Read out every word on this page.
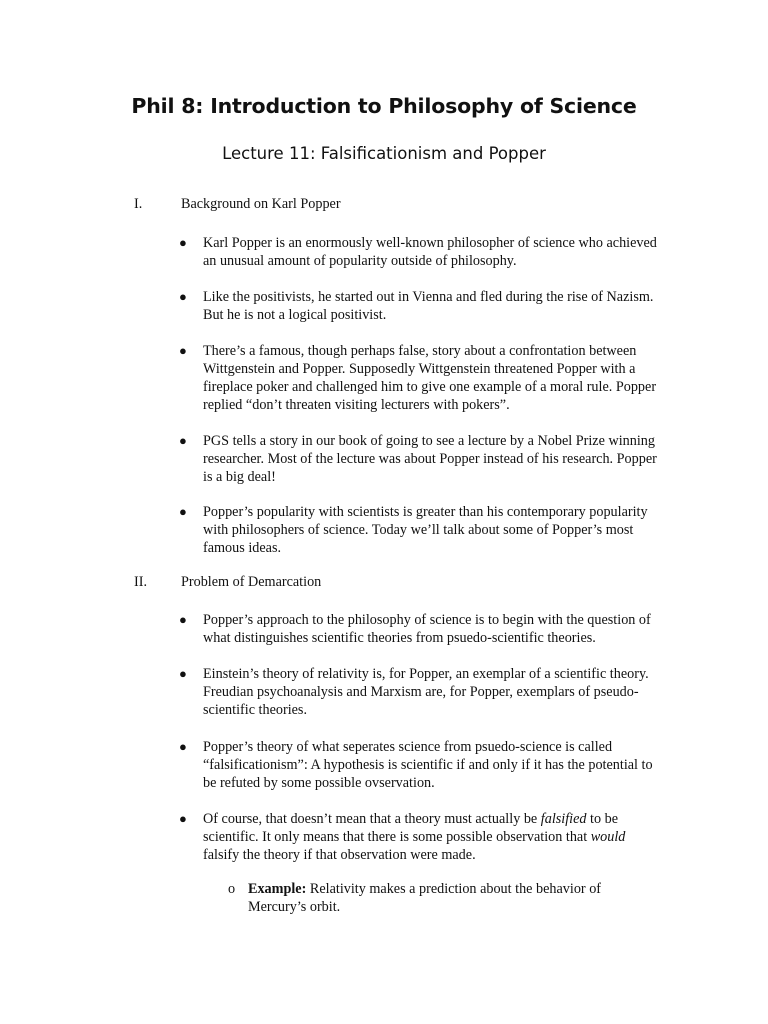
Phil 8: Introduction to Philosophy of Science
Lecture 11: Falsificationism and Popper
I.	Background on Karl Popper
● Karl Popper is an enormously well-known philosopher of science who achieved an unusual amount of popularity outside of philosophy.
● Like the positivists, he started out in Vienna and fled during the rise of Nazism. But he is not a logical positivist.
● There’s a famous, though perhaps false, story about a confrontation between Wittgenstein and Popper. Supposedly Wittgenstein threatened Popper with a fireplace poker and challenged him to give one example of a moral rule. Popper replied “don’t threaten visiting lecturers with pokers”.
● PGS tells a story in our book of going to see a lecture by a Nobel Prize winning researcher. Most of the lecture was about Popper instead of his research. Popper is a big deal!
● Popper’s popularity with scientists is greater than his contemporary popularity with philosophers of science. Today we’ll talk about some of Popper’s most famous ideas.
II. Problem of Demarcation
● Popper’s approach to the philosophy of science is to begin with the question of what distinguishes scientific theories from psuedo-scientific theories.
● Einstein’s theory of relativity is, for Popper, an exemplar of a scientific theory. Freudian psychoanalysis and Marxism are, for Popper, exemplars of pseudo-scientific theories.
● Popper’s theory of what seperates science from psuedo-science is called “falsificationism”: A hypothesis is scientific if and only if it has the potential to be refuted by some possible ovservation.
● Of course, that doesn’t mean that a theory must actually be falsified to be scientific. It only means that there is some possible observation that would falsify the theory if that observation were made.
o Example: Relativity makes a prediction about the behavior of Mercury’s orbit.
